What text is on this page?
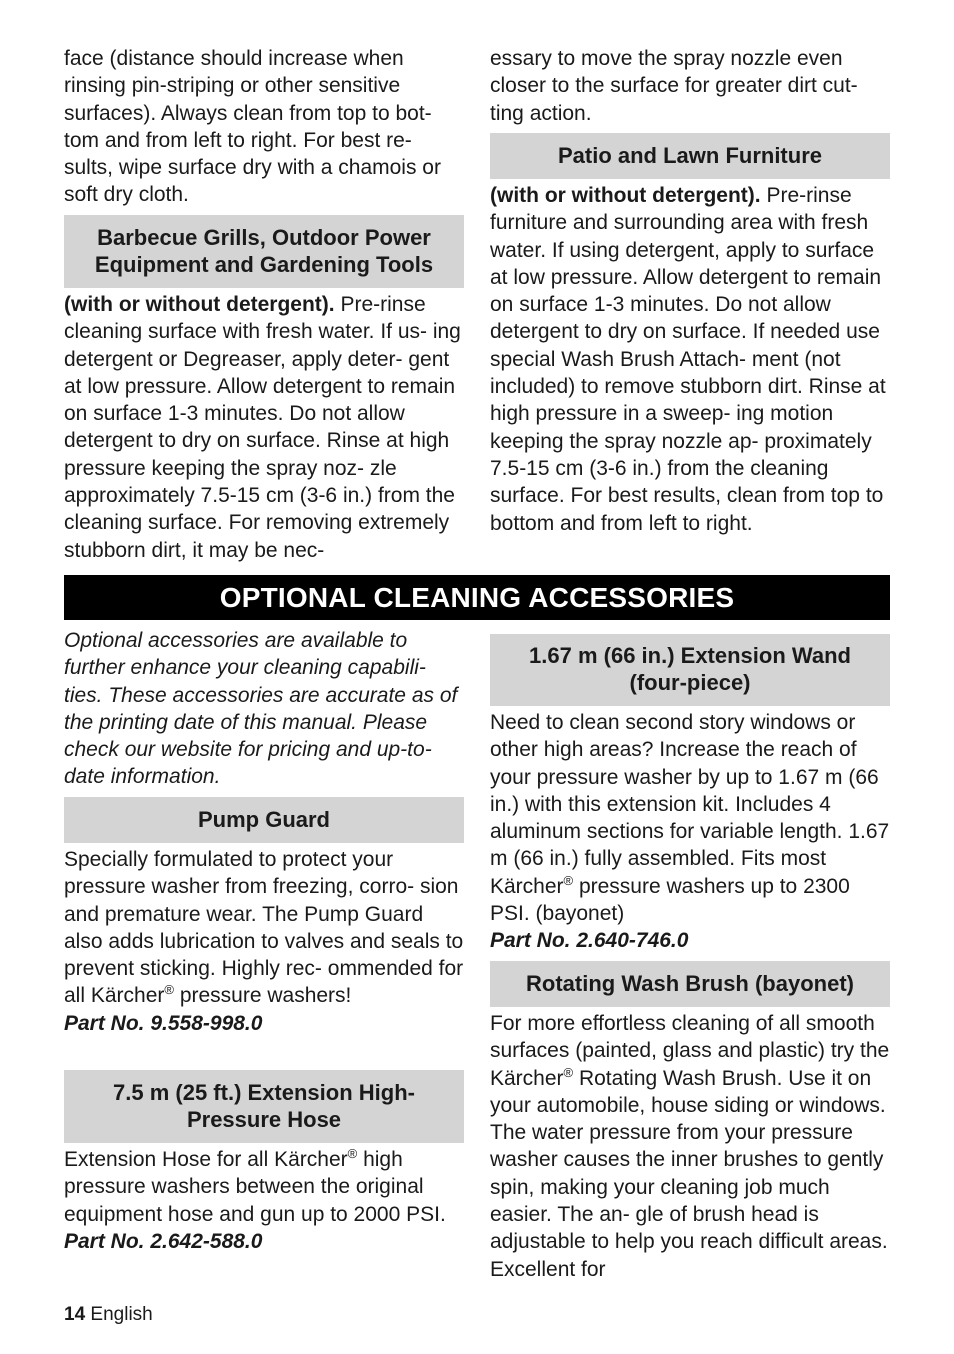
face (distance should increase when rinsing pin-striping or other sensitive surfaces). Always clean from top to bot- tom and from left to right. For best re- sults, wipe surface dry with a chamois or soft dry cloth.

Barbecue Grills, Outdoor Power
Equipment and Gardening Tools

(with or without detergent). Pre-rinse cleaning surface with fresh water. If us- ing detergent or Degreaser, apply deter- gent at low pressure. Allow detergent to remain on surface 1-3 minutes. Do not allow detergent to dry on surface. Rinse at high pressure keeping the spray noz- zle approximately 7.5-15 cm (3-6 in.) from the cleaning surface. For removing extremely stubborn dirt, it may be nec-

essary to move the spray nozzle even closer to the surface for greater dirt cut- ting action.

Patio and Lawn Furniture

(with or without detergent). Pre-rinse furniture and surrounding area with fresh water. If using detergent, apply to surface at low pressure. Allow detergent to remain on surface 1-3 minutes. Do not allow detergent to dry on surface. If needed use special Wash Brush Attach- ment (not included) to remove stubborn dirt. Rinse at high pressure in a sweep- ing motion keeping the spray nozzle ap- proximately 7.5-15 cm (3-6 in.) from the cleaning surface. For best results, clean from top to bottom and from left to right.

OPTIONAL CLEANING ACCESSORIES

Optional accessories are available to further enhance your cleaning capabili- ties. These accessories are accurate as of the printing date of this manual. Please check our website for pricing and up-to-date information.

Pump Guard

Specially formulated to protect your pressure washer from freezing, corro- sion and premature wear. The Pump Guard also adds lubrication to valves and seals to prevent sticking. Highly rec- ommended for all Kärcher® pressure washers!

Part No. 9.558-998.0

7.5 m (25 ft.) Extension High-
Pressure Hose

Extension Hose for all Kärcher® high pressure washers between the original equipment hose and gun up to 2000 PSI.

Part No. 2.642-588.0

1.67 m (66 in.) Extension Wand
(four-piece)

Need to clean second story windows or other high areas? Increase the reach of your pressure washer by up to 1.67 m (66 in.) with this extension kit. Includes 4 aluminum sections for variable length. 1.67 m (66 in.) fully assembled. Fits most Kärcher® pressure washers up to 2300 PSI. (bayonet)

Part No. 2.640-746.0

Rotating Wash Brush (bayonet)

For more effortless cleaning of all smooth surfaces (painted, glass and plastic) try the Kärcher® Rotating Wash Brush. Use it on your automobile, house siding or windows. The water pressure from your pressure washer causes the inner brushes to gently spin, making your cleaning job much easier. The an- gle of brush head is adjustable to help you reach difficult areas. Excellent for

14 English
